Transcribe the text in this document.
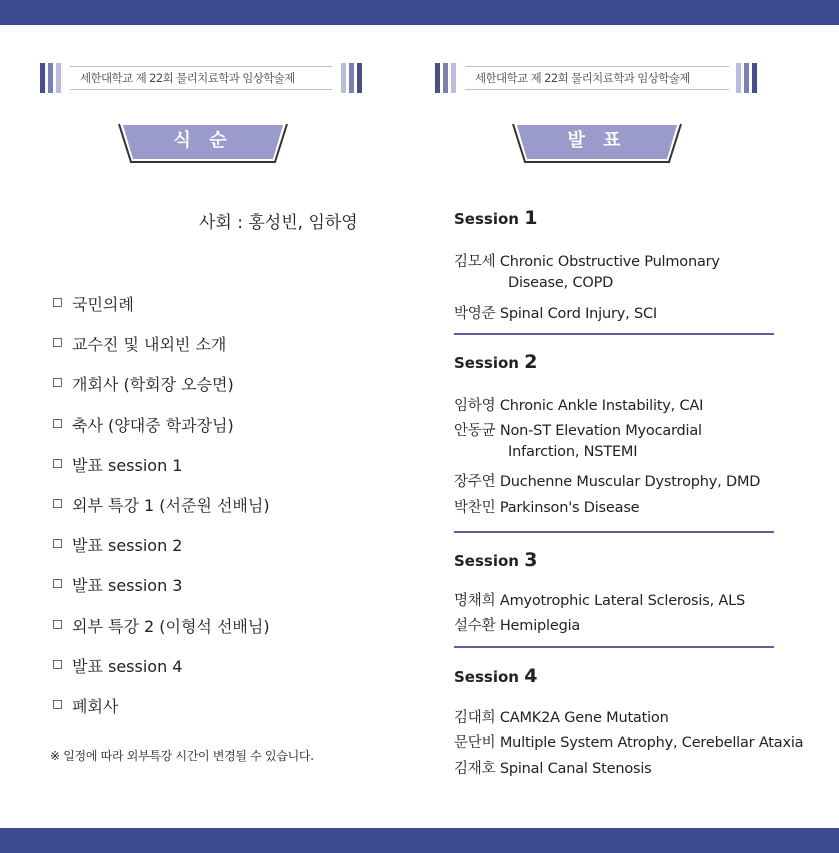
세한대학교 제 22회 물리치료학과 임상학술제	세한대학교 제 22회 물리치료학과 임상학술제
식 순	발 표
사회 : 홍성빈, 임하영
국민의례
교수진 및 내외빈 소개
개회사 (학회장 오승면)
축사 (양대중 학과장님)
발표 session 1
외부 특강 1 (서준원 선배님)
발표 session 2
발표 session 3
외부 특강 2 (이형석 선배님)
발표 session 4
폐회사
※ 일정에 따라 외부특강 시간이 변경될 수 있습니다.
Session 1
김모세 Chronic Obstructive Pulmonary
Disease, COPD
박영준 Spinal Cord Injury, SCI
Session 2
임하영 Chronic Ankle Instability, CAI
안동균 Non-ST Elevation Myocardial
Infarction, NSTEMI
장주연 Duchenne Muscular Dystrophy, DMD
박찬민 Parkinson's Disease
Session 3
명채희 Amyotrophic Lateral Sclerosis, ALS
설수환 Hemiplegia
Session 4
김대희 CAMK2A Gene Mutation
문단비 Multiple System Atrophy, Cerebellar Ataxia
김재호 Spinal Canal Stenosis
